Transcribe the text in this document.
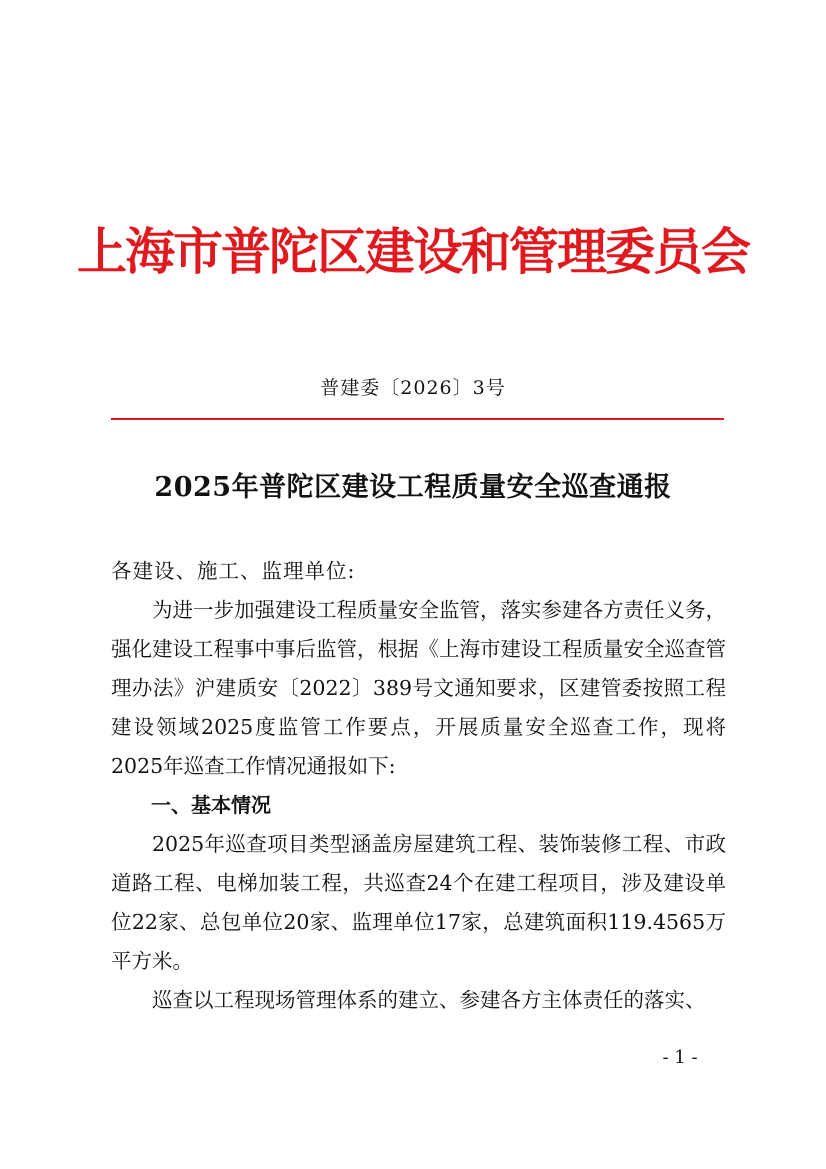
上海市普陀区建设和管理委员会
普建委〔2026〕3号
2025年普陀区建设工程质量安全巡查通报

各建设、施工、监理单位:

为进一步加强建设工程质量安全监管，落实参建各方责任义务，强化建设工程事中事后监管，根据《上海市建设工程质量安全巡查管理办法》沪建质安〔2022〕389号文通知要求，区建管委按照工程建设领域2025度监管工作要点，开展质量安全巡查工作，现将2025年巡查工作情况通报如下:

一、基本情况

2025年巡查项目类型涵盖房屋建筑工程、装饰装修工程、市政道路工程、电梯加装工程，共巡查24个在建工程项目，涉及建设单位22家、总包单位20家、监理单位17家，总建筑面积119.4565万平方米。

巡查以工程现场管理体系的建立、参建各方主体责任的落实、

- 1 -
